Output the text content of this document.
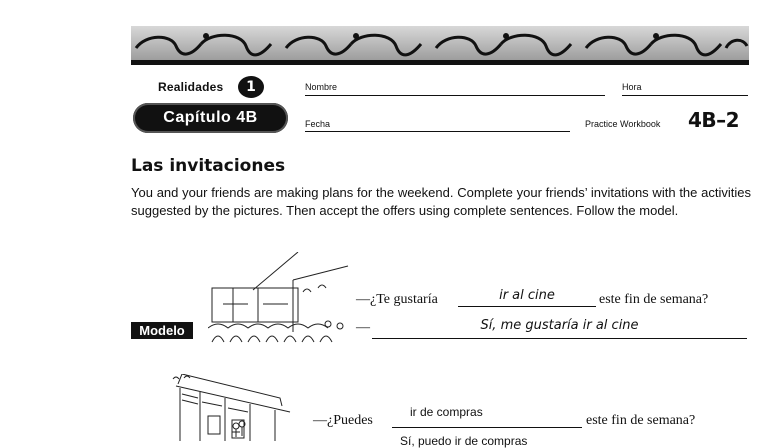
Realidades	1
Capítulo 4B
Nombre	Hora
Fecha	Practice Workbook 4B–2
Las invitaciones
You and your friends are making plans for the weekend. Complete your friends’ invitations with the activities suggested by the pictures. Then accept the offers using complete sentences. Follow the model.
Modelo
—¿Te gustaría	ir al cine	este fin de semana?
—	Sí, me gustaría ir al cine
—¿Puedes
ir de compras
este fin de semana?
Sí, puedo ir de compras
